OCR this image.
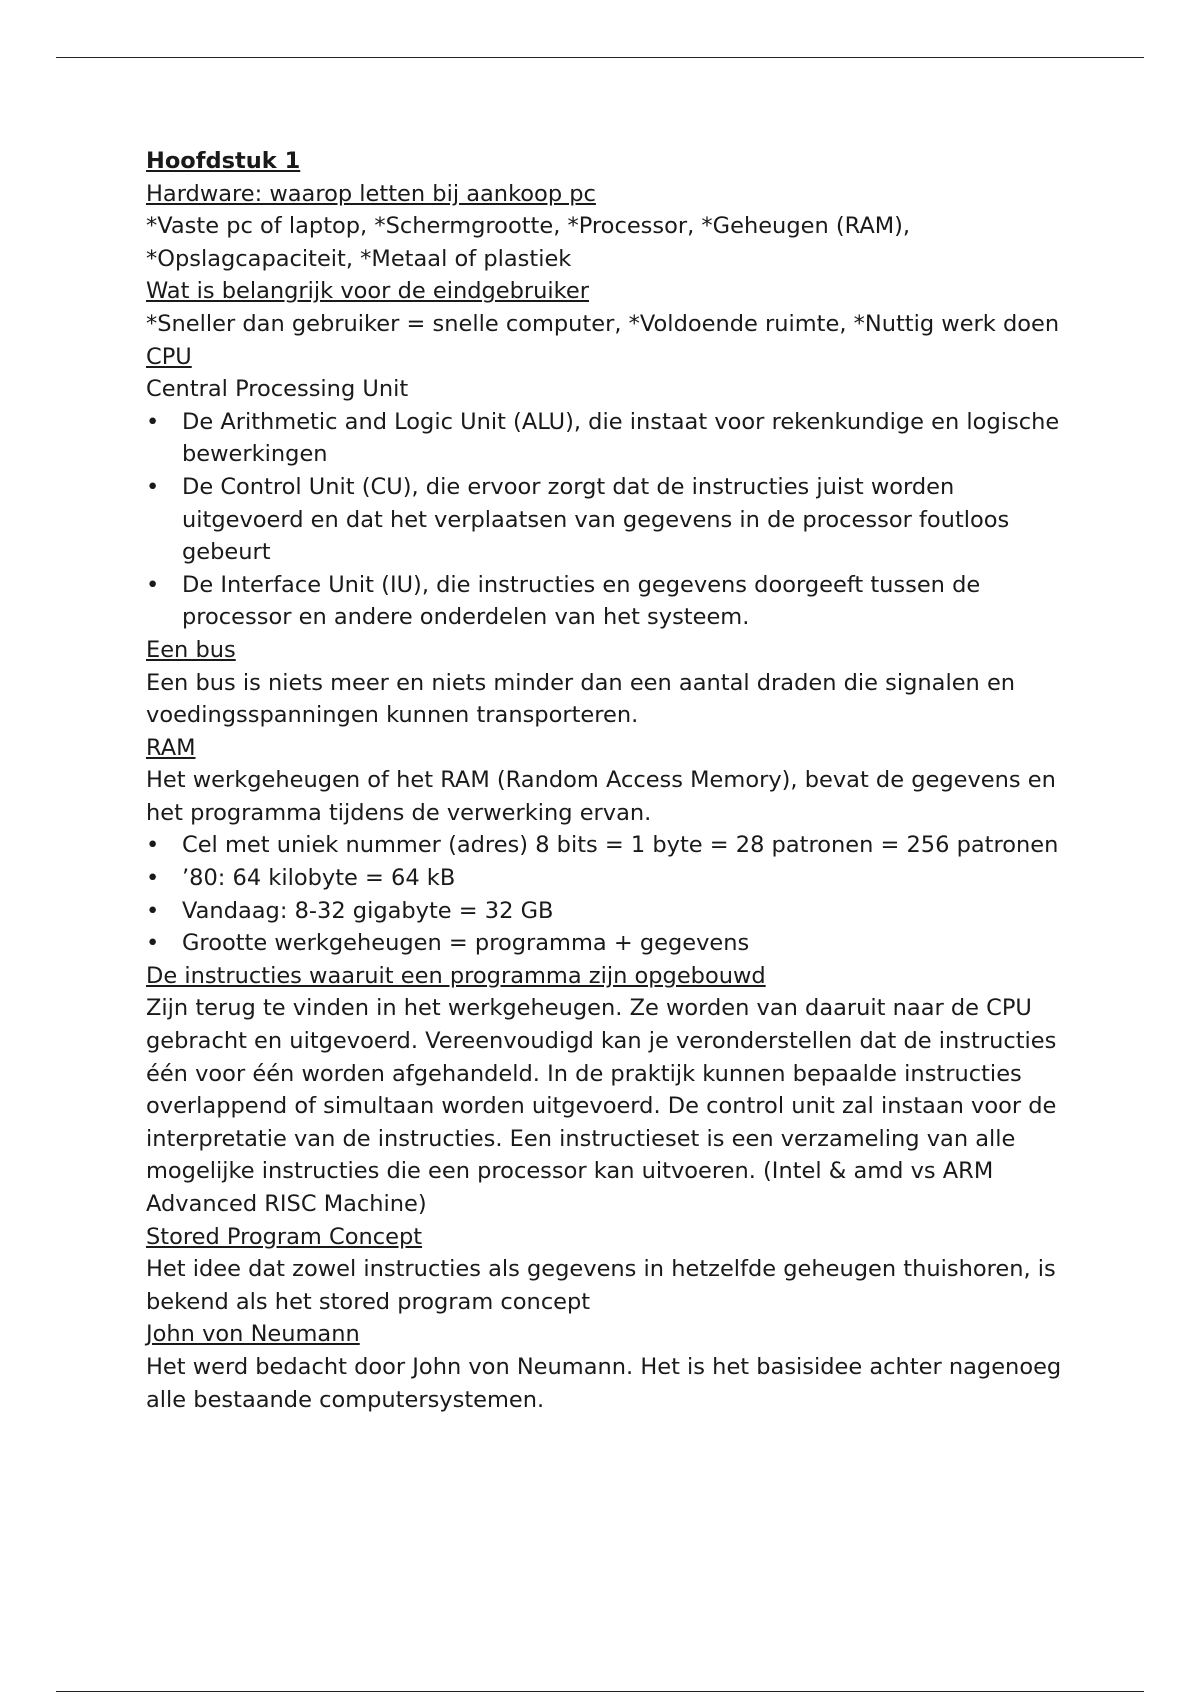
Hoofdstuk 1

Hardware: waarop letten bij aankoop pc

*Vaste pc of laptop, *Schermgrootte, *Processor, *Geheugen (RAM), *Opslagcapaciteit, *Metaal of plastiek

Wat is belangrijk voor de eindgebruiker

*Sneller dan gebruiker = snelle computer, *Voldoende ruimte, *Nuttig werk doen

CPU

Central Processing Unit

• De Arithmetic and Logic Unit (ALU), die instaat voor rekenkundige en logische bewerkingen
• De Control Unit (CU), die ervoor zorgt dat de instructies juist worden uitgevoerd en dat het verplaatsen van gegevens in de processor foutloos gebeurt
• De Interface Unit (IU), die instructies en gegevens doorgeeft tussen de processor en andere onderdelen van het systeem.

Een bus

Een bus is niets meer en niets minder dan een aantal draden die signalen en voedingsspanningen kunnen transporteren.

RAM

Het werkgeheugen of het RAM (Random Access Memory), bevat de gegevens en het programma tijdens de verwerking ervan.

• Cel met uniek nummer (adres) 8 bits = 1 byte = 28 patronen = 256 patronen
• ’80: 64 kilobyte = 64 kB
• Vandaag: 8-32 gigabyte = 32 GB
• Grootte werkgeheugen = programma + gegevens

De instructies waaruit een programma zijn opgebouwd

Zijn terug te vinden in het werkgeheugen. Ze worden van daaruit naar de CPU gebracht en uitgevoerd. Vereenvoudigd kan je veronderstellen dat de instructies één voor één worden afgehandeld. In de praktijk kunnen bepaalde instructies overlappend of simultaan worden uitgevoerd. De control unit zal instaan voor de interpretatie van de instructies. Een instructieset is een verzameling van alle mogelijke instructies die een processor kan uitvoeren. (Intel & amd vs ARM Advanced RISC Machine)

Stored Program Concept

Het idee dat zowel instructies als gegevens in hetzelfde geheugen thuishoren, is bekend als het stored program concept

John von Neumann

Het werd bedacht door John von Neumann. Het is het basisidee achter nagenoeg alle bestaande computersystemen.
